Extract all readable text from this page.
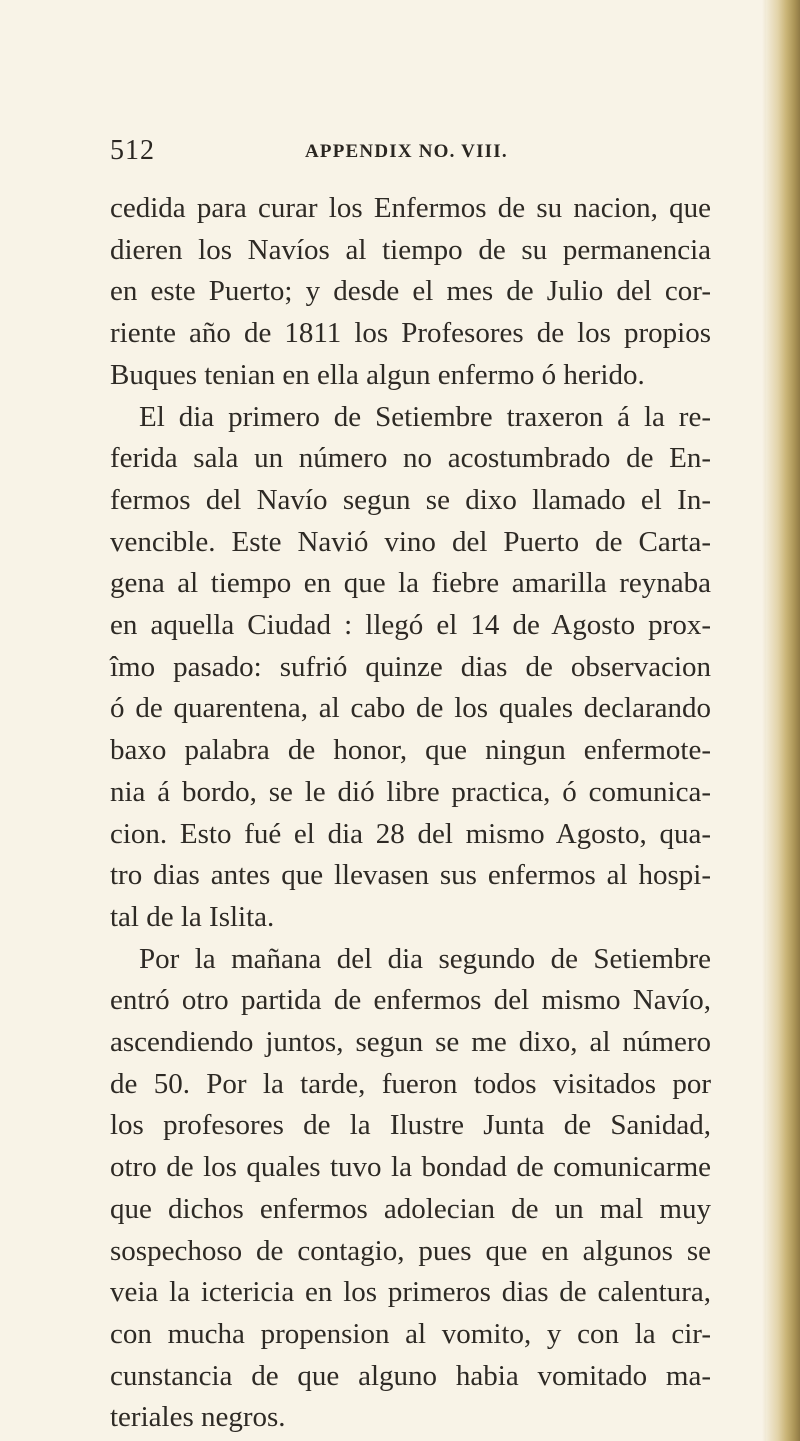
512	APPENDIX NO. VIII.
cedida para curar los Enfermos de su nacion, que
dieren los Navíos al tiempo de su permanencia
en este Puerto; y desde el mes de Julio del cor-
riente año de 1811 los Profesores de los propios
Buques tenian en ella algun enfermo ó herido.
El dia primero de Setiembre traxeron á la re-
ferida sala un número no acostumbrado de En-
fermos del Navío segun se dixo llamado el In-
vencible. Este Navió vino del Puerto de Carta-
gena al tiempo en que la fiebre amarilla reynaba
en aquella Ciudad : llegó el 14 de Agosto prox-
îmo pasado: sufrió quinze dias de observacion
ó de quarentena, al cabo de los quales declarando
baxo palabra de honor, que ningun enfermote-
nia á bordo, se le dió libre practica, ó comunica-
cion. Esto fué el dia 28 del mismo Agosto, qua-
tro dias antes que llevasen sus enfermos al hospi-
tal de la Islita.
Por la mañana del dia segundo de Setiembre
entró otro partida de enfermos del mismo Navío,
ascendiendo juntos, segun se me dixo, al número
de 50. Por la tarde, fueron todos visitados por
los profesores de la Ilustre Junta de Sanidad,
otro de los quales tuvo la bondad de comunicarme
que dichos enfermos adolecian de un mal muy
sospechoso de contagio, pues que en algunos se
veia la ictericia en los primeros dias de calentura,
con mucha propension al vomito, y con la cir-
cunstancia de que alguno habia vomitado ma-
teriales negros.
